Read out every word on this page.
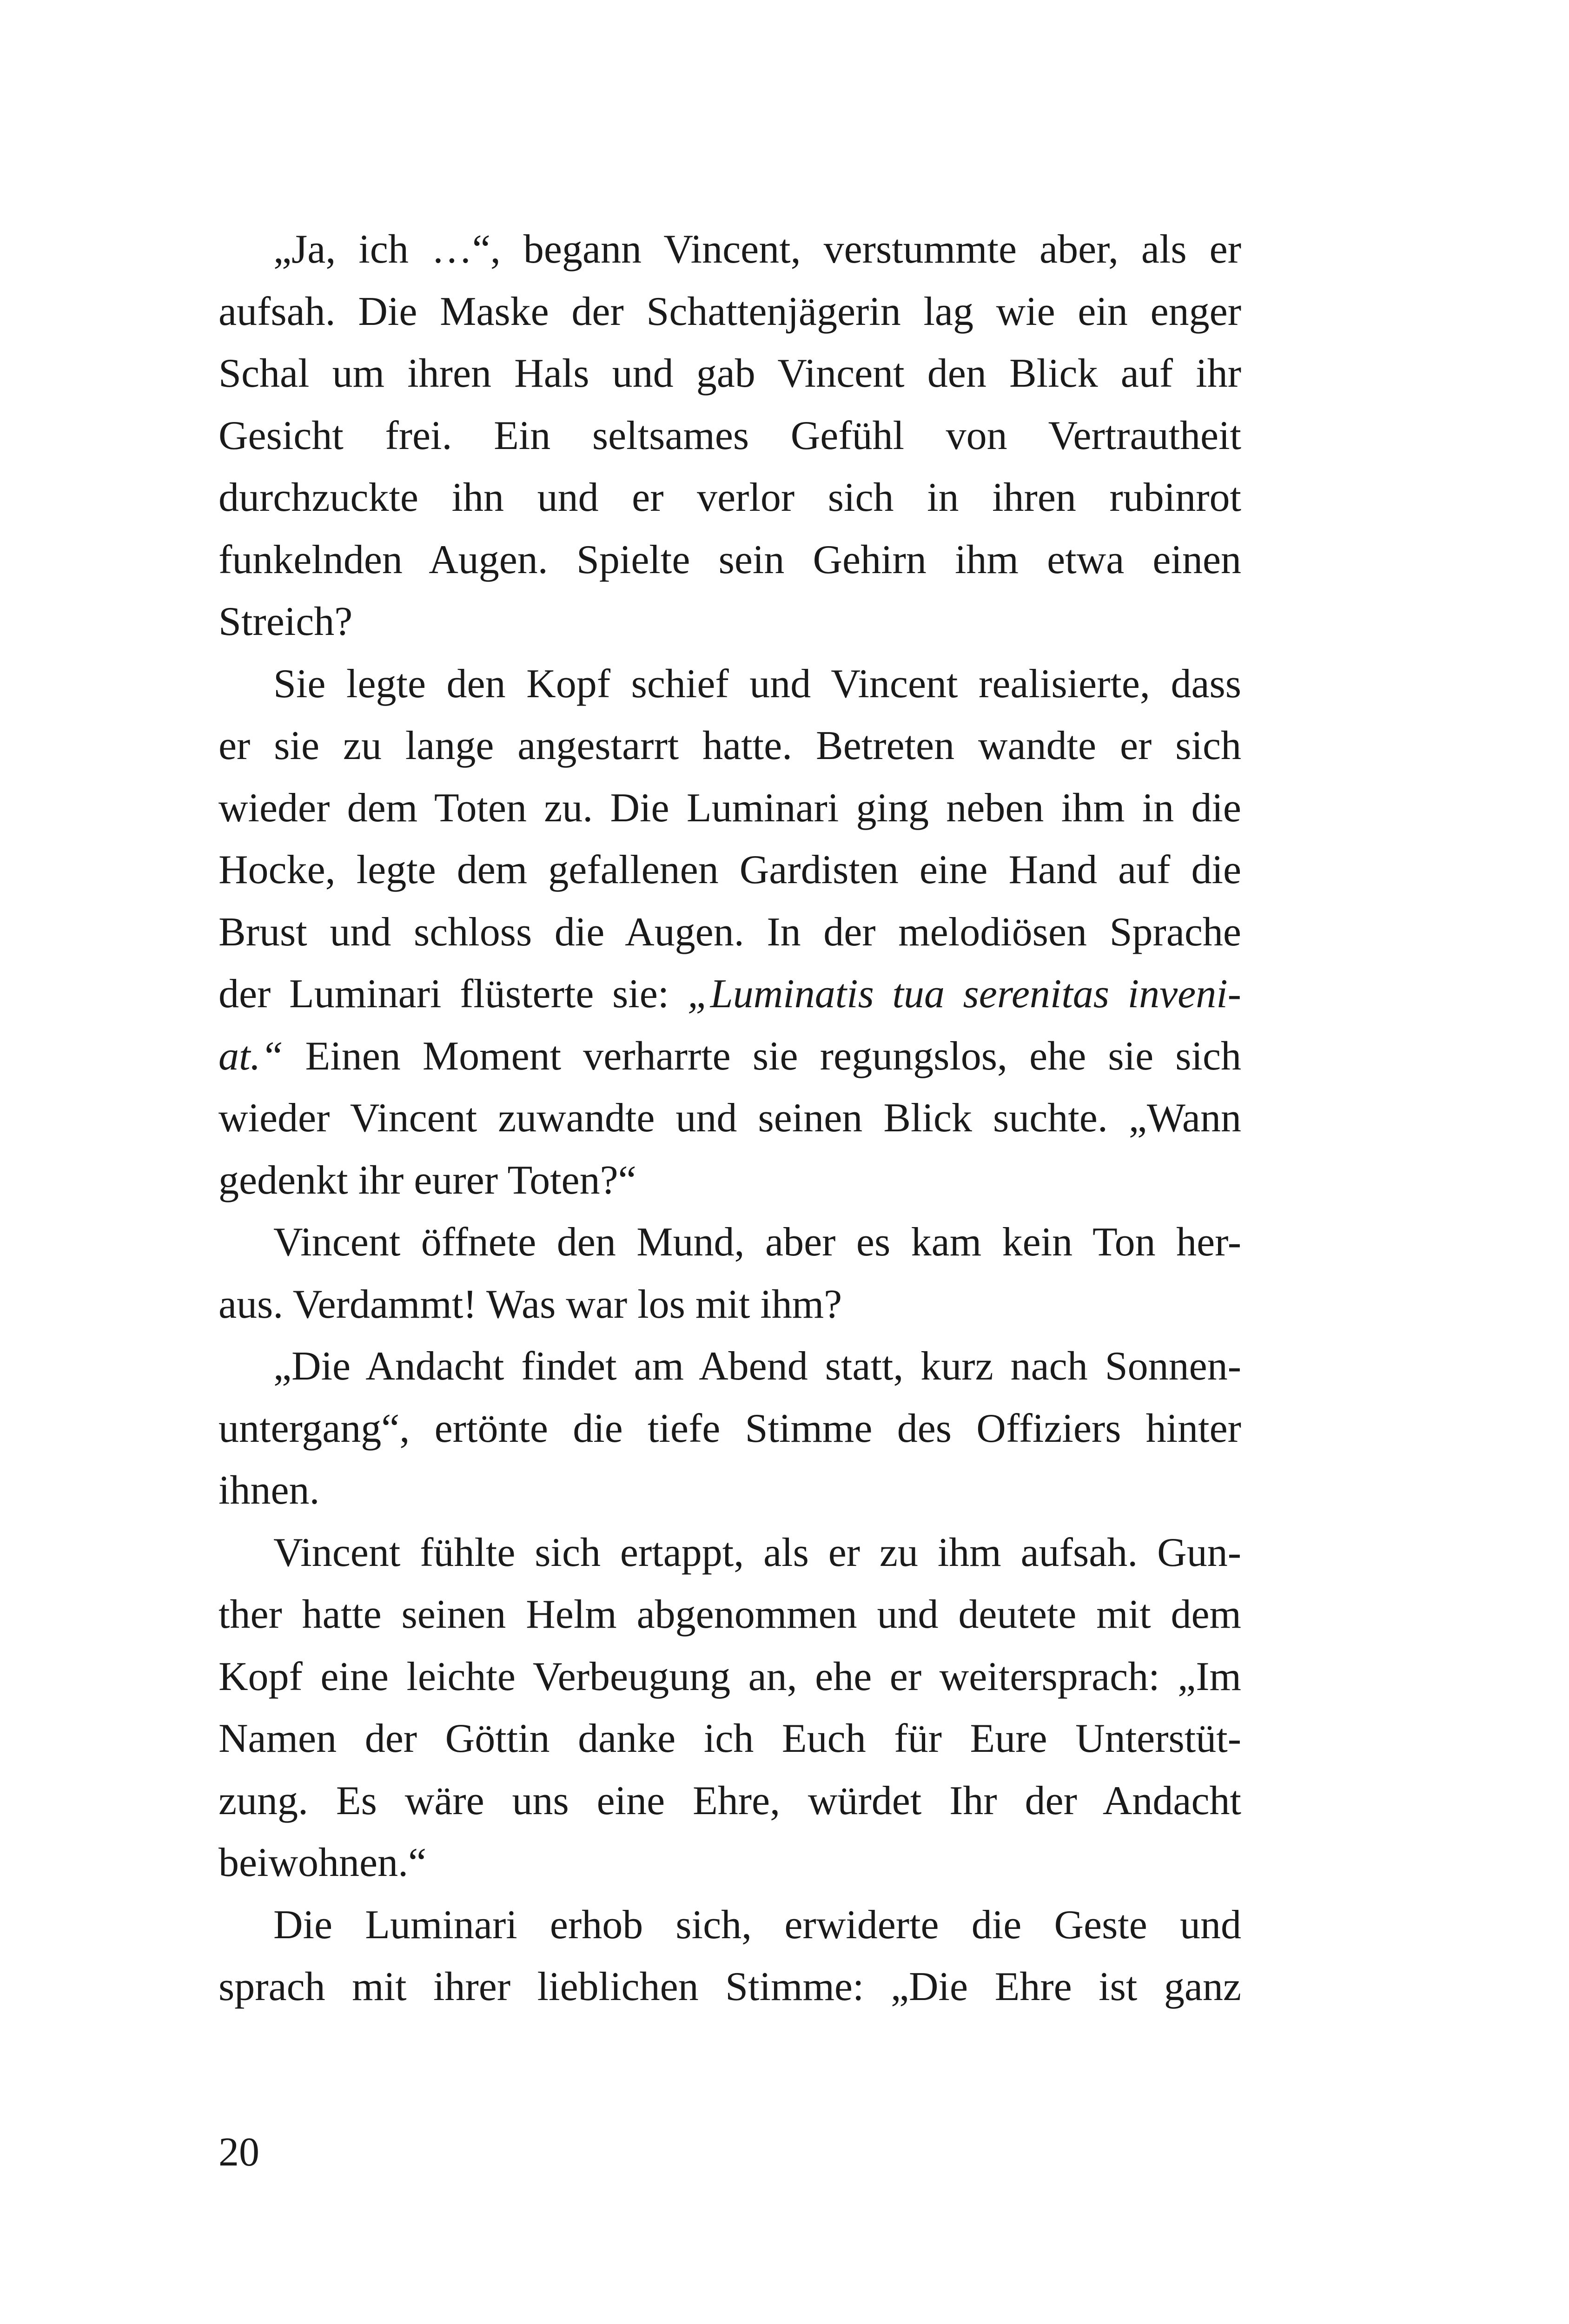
„Ja, ich …“, begann Vincent, verstummte aber, als er
aufsah. Die Maske der Schattenjägerin lag wie ein enger
Schal um ihren Hals und gab Vincent den Blick auf ihr
Gesicht frei. Ein seltsames Gefühl von Vertrautheit
durchzuckte ihn und er verlor sich in ihren rubinrot
funkelnden Augen. Spielte sein Gehirn ihm etwa einen
Streich?
Sie legte den Kopf schief und Vincent realisierte, dass
er sie zu lange angestarrt hatte. Betreten wandte er sich
wieder dem Toten zu. Die Luminari ging neben ihm in die
Hocke, legte dem gefallenen Gardisten eine Hand auf die
Brust und schloss die Augen. In der melodiösen Sprache
der Luminari flüsterte sie: „Luminatis tua serenitas inveni-
at.“ Einen Moment verharrte sie regungslos, ehe sie sich
wieder Vincent zuwandte und seinen Blick suchte. „Wann
gedenkt ihr eurer Toten?“
Vincent öffnete den Mund, aber es kam kein Ton her-
aus. Verdammt! Was war los mit ihm?
„Die Andacht findet am Abend statt, kurz nach Sonnen-
untergang“, ertönte die tiefe Stimme des Offiziers hinter
ihnen.
Vincent fühlte sich ertappt, als er zu ihm aufsah. Gun-
ther hatte seinen Helm abgenommen und deutete mit dem
Kopf eine leichte Verbeugung an, ehe er weitersprach: „Im
Namen der Göttin danke ich Euch für Eure Unterstüt-
zung. Es wäre uns eine Ehre, würdet Ihr der Andacht
beiwohnen.“
Die Luminari erhob sich, erwiderte die Geste und
sprach mit ihrer lieblichen Stimme: „Die Ehre ist ganz
20
